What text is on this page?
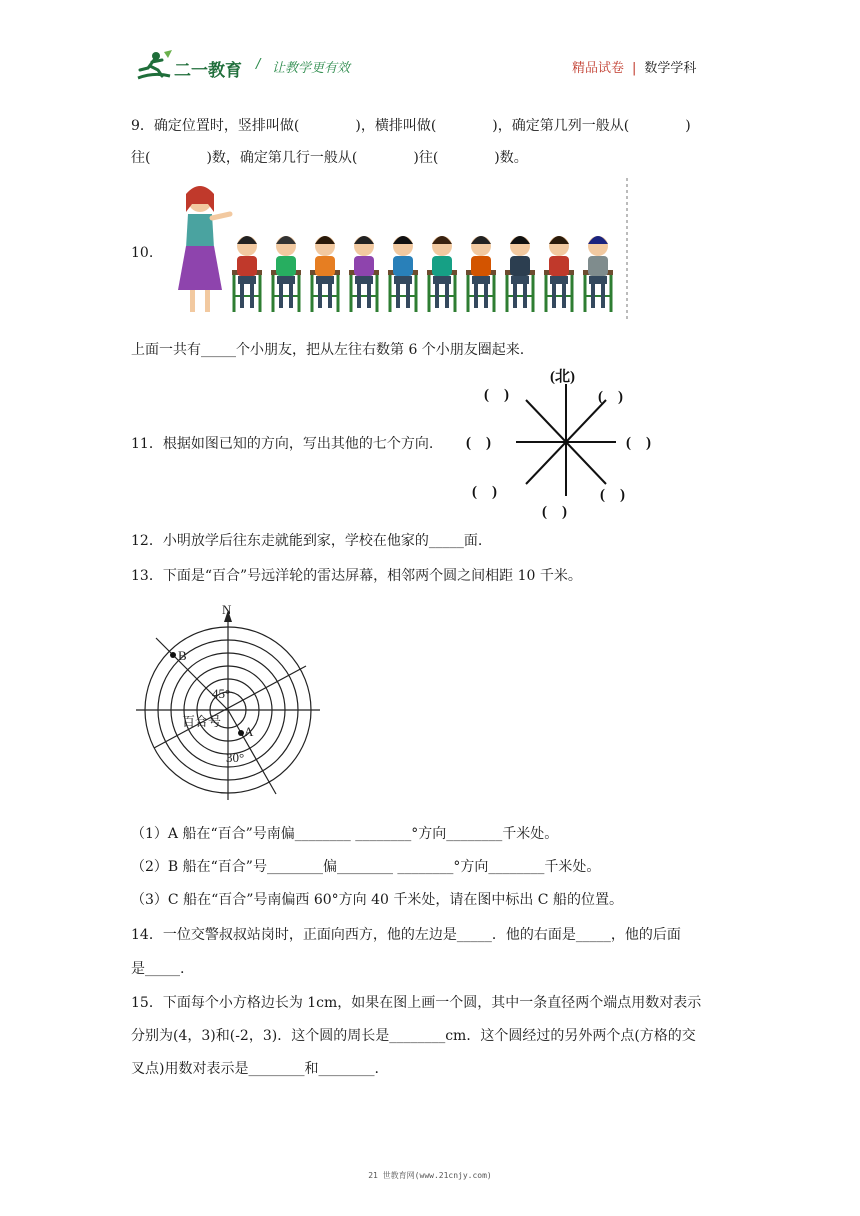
二一教育 / 让教学更有效	精品试卷 | 数学学科
9．确定位置时，竖排叫做(　　　　)，横排叫做(　　　　)，确定第几列一般从(　　　　)
往(　　　　)数，确定第几行一般从(　　　　)往(　　　　)数。
10.
上面一共有_____个小朋友，把从左往右数第 6 个小朋友圈起来.
11．根据如图已知的方向，写出其他的七个方向.
(北)
(　)	(　)
(　)	(　)
(　)	(　)
(　)
12．小明放学后往东走就能到家，学校在他家的_____面.
13．下面是“百合”号远洋轮的雷达屏幕，相邻两个圆之间相距 10 千米。
N
B
A
45°
30°
百合号
（1）A 船在“百合”号南偏________ ________°方向________千米处。
（2）B 船在“百合”号________偏________ ________°方向________千米处。
（3）C 船在“百合”号南偏西 60°方向 40 千米处，请在图中标出 C 船的位置。
14．一位交警叔叔站岗时，正面向西方，他的左边是_____．他的右面是_____，他的后面
是_____.
15．下面每个小方格边长为 1cm，如果在图上画一个圆，其中一条直径两个端点用数对表示
分别为(4，3)和(-2，3)．这个圆的周长是________cm．这个圆经过的另外两个点(方格的交
叉点)用数对表示是________和________.
21 世教育网(www.21cnjy.com)
